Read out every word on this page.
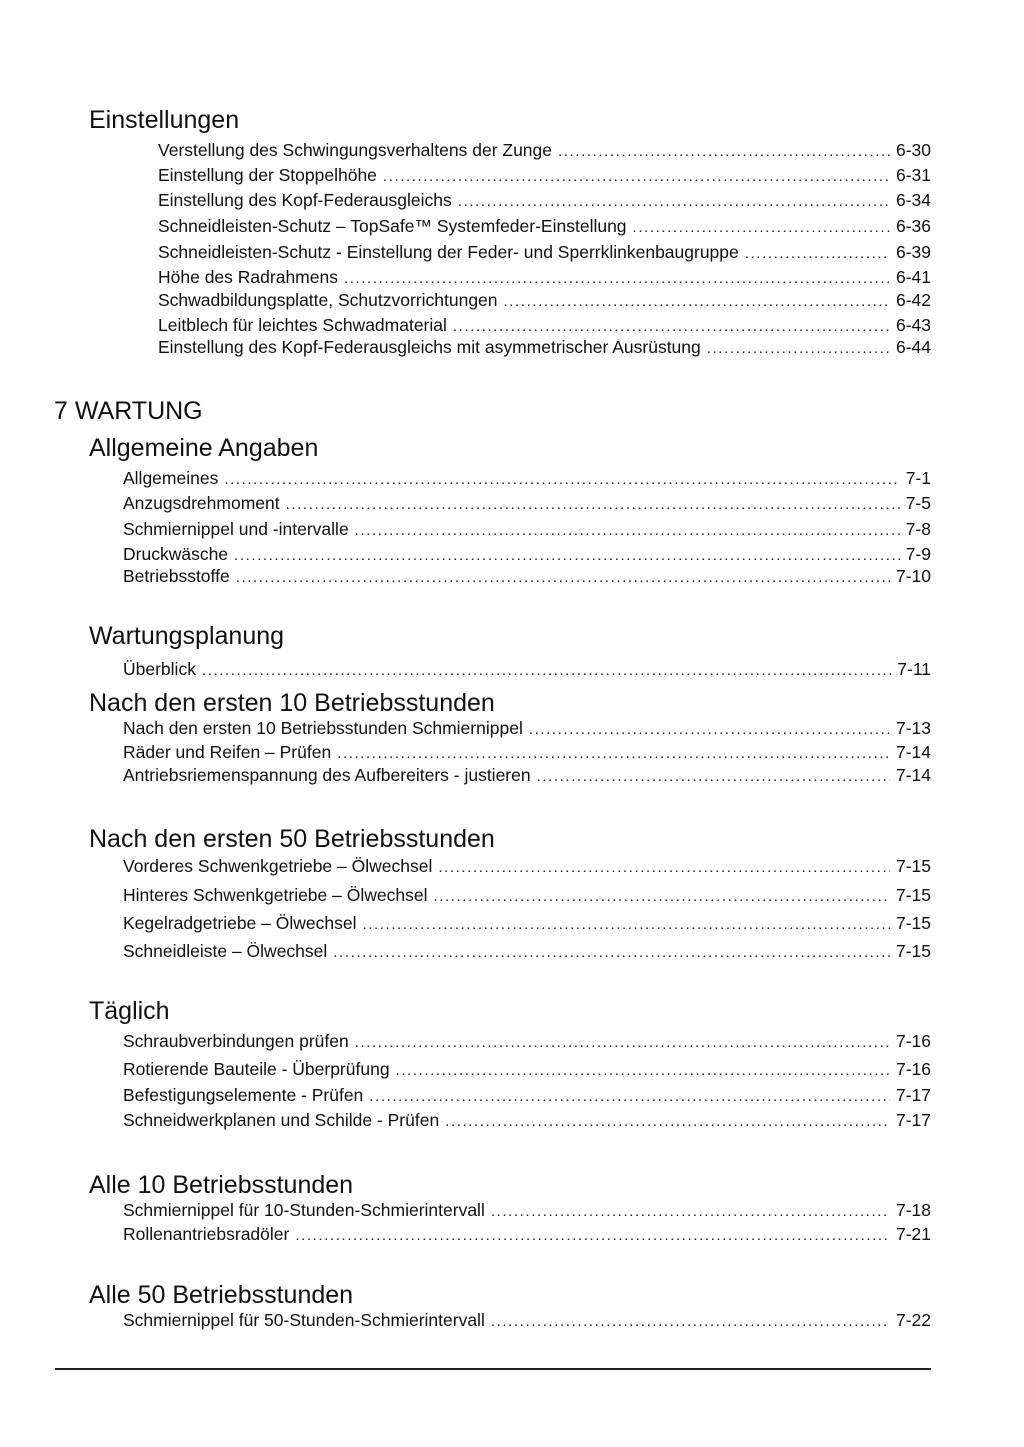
Einstellungen
Verstellung des Schwingungsverhaltens der Zunge .....	6-30
Einstellung der Stoppelhöhe .....	6-31
Einstellung des Kopf-Federausgleichs .....	6-34
Schneidleisten-Schutz – TopSafe™ Systemfeder-Einstellung .....	6-36
Schneidleisten-Schutz - Einstellung der Feder- und Sperrklinkenbaugruppe .....	6-39
Höhe des Radrahmens .....	6-41
Schwadbildungsplatte, Schutzvorrichtungen .....	6-42
Leitblech für leichtes Schwadmaterial .....	6-43
Einstellung des Kopf-Federausgleichs mit asymmetrischer Ausrüstung .....	6-44
7 WARTUNG
Allgemeine Angaben
Allgemeines .....	7-1
Anzugsdrehmoment .....	7-5
Schmiernippel und -intervalle .....	7-8
Druckwäsche .....	7-9
Betriebsstoffe .....	7-10
Wartungsplanung
Überblick .....	7-11
Nach den ersten 10 Betriebsstunden
Nach den ersten 10 Betriebsstunden Schmiernippel .....	7-13
Räder und Reifen – Prüfen .....	7-14
Antriebsriemenspannung des Aufbereiters - justieren .....	7-14
Nach den ersten 50 Betriebsstunden
Vorderes Schwenkgetriebe – Ölwechsel .....	7-15
Hinteres Schwenkgetriebe – Ölwechsel .....	7-15
Kegelradgetriebe – Ölwechsel .....	7-15
Schneidleiste – Ölwechsel .....	7-15
Täglich
Schraubverbindungen prüfen .....	7-16
Rotierende Bauteile - Überprüfung .....	7-16
Befestigungselemente - Prüfen .....	7-17
Schneidwerkplanen und Schilde - Prüfen .....	7-17
Alle 10 Betriebsstunden
Schmiernippel für 10-Stunden-Schmierintervall .....	7-18
Rollenantriebsradöler .....	7-21
Alle 50 Betriebsstunden
Schmiernippel für 50-Stunden-Schmierintervall .....	7-22
